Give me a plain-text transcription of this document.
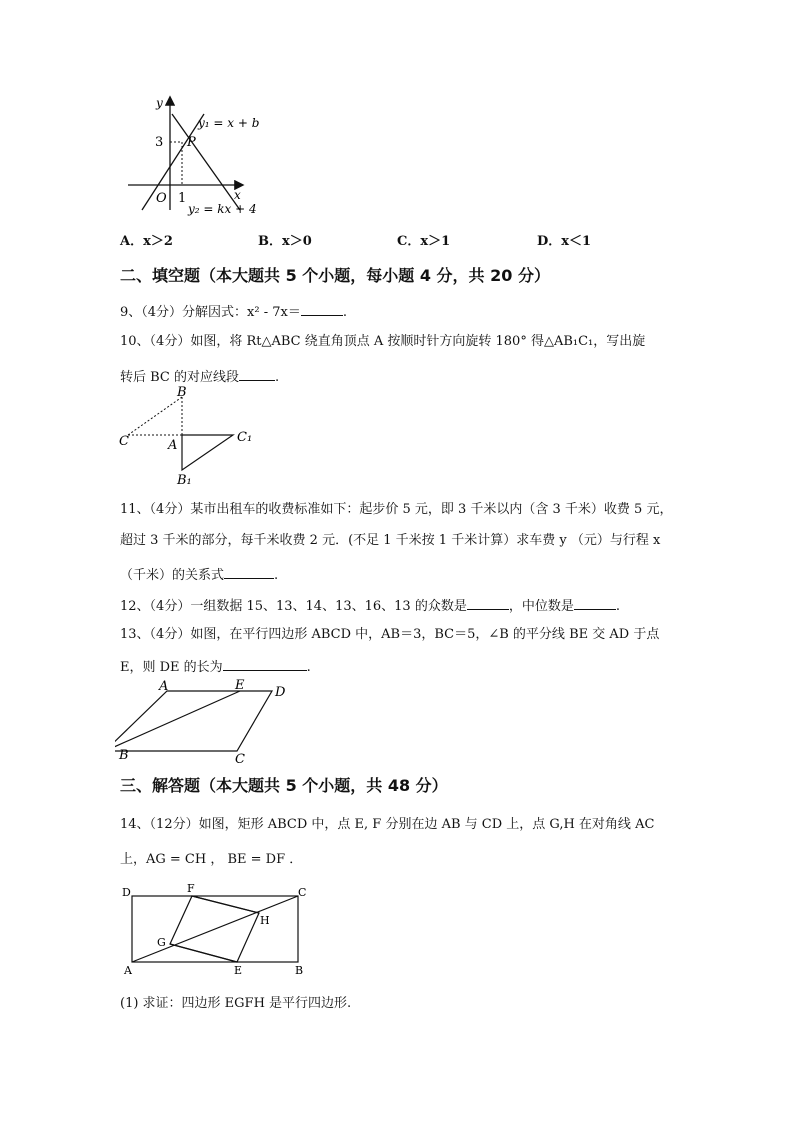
y
x
O
3
1
P
y₁ = x + b
y₂ = kx + 4
A．x＞2	B．x＞0	C．x＞1	D．x＜1
二、填空题（本大题共 5 个小题，每小题 4 分，共 20 分）
9、（4分）分解因式：x² - 7x＝	.
10、（4分）如图，将 Rt△ABC 绕直角顶点 A 按顺时针方向旋转 180° 得△AB₁C₁，写出旋
转后 BC 的对应线段	.
B
C	A
C₁
B₁
11、（4分）某市出租车的收费标准如下：起步价 5 元，即 3 千米以内（含 3 千米）收费 5 元，
超过 3 千米的部分，每千米收费 2 元．(不足 1 千米按 1 千米计算）求车费 y （元）与行程 x
（千米）的关系式	.
12、（4分）一组数据 15、13、14、13、16、13 的众数是	，中位数是	.
13、（4分）如图，在平行四边形 ABCD 中，AB＝3，BC＝5，∠B 的平分线 BE 交 AD 于点
E，则 DE 的长为	.
A	E D
B	C
三、解答题（本大题共 5 个小题，共 48 分）
14、（12分）如图，矩形 ABCD 中，点 E, F 分别在边 AB 与 CD 上，点 G,H 在对角线 AC
上，AG = CH ， BE = DF ．
D	F	C
H
G
A	E	B
(1) 求证：四边形 EGFH 是平行四边形.
